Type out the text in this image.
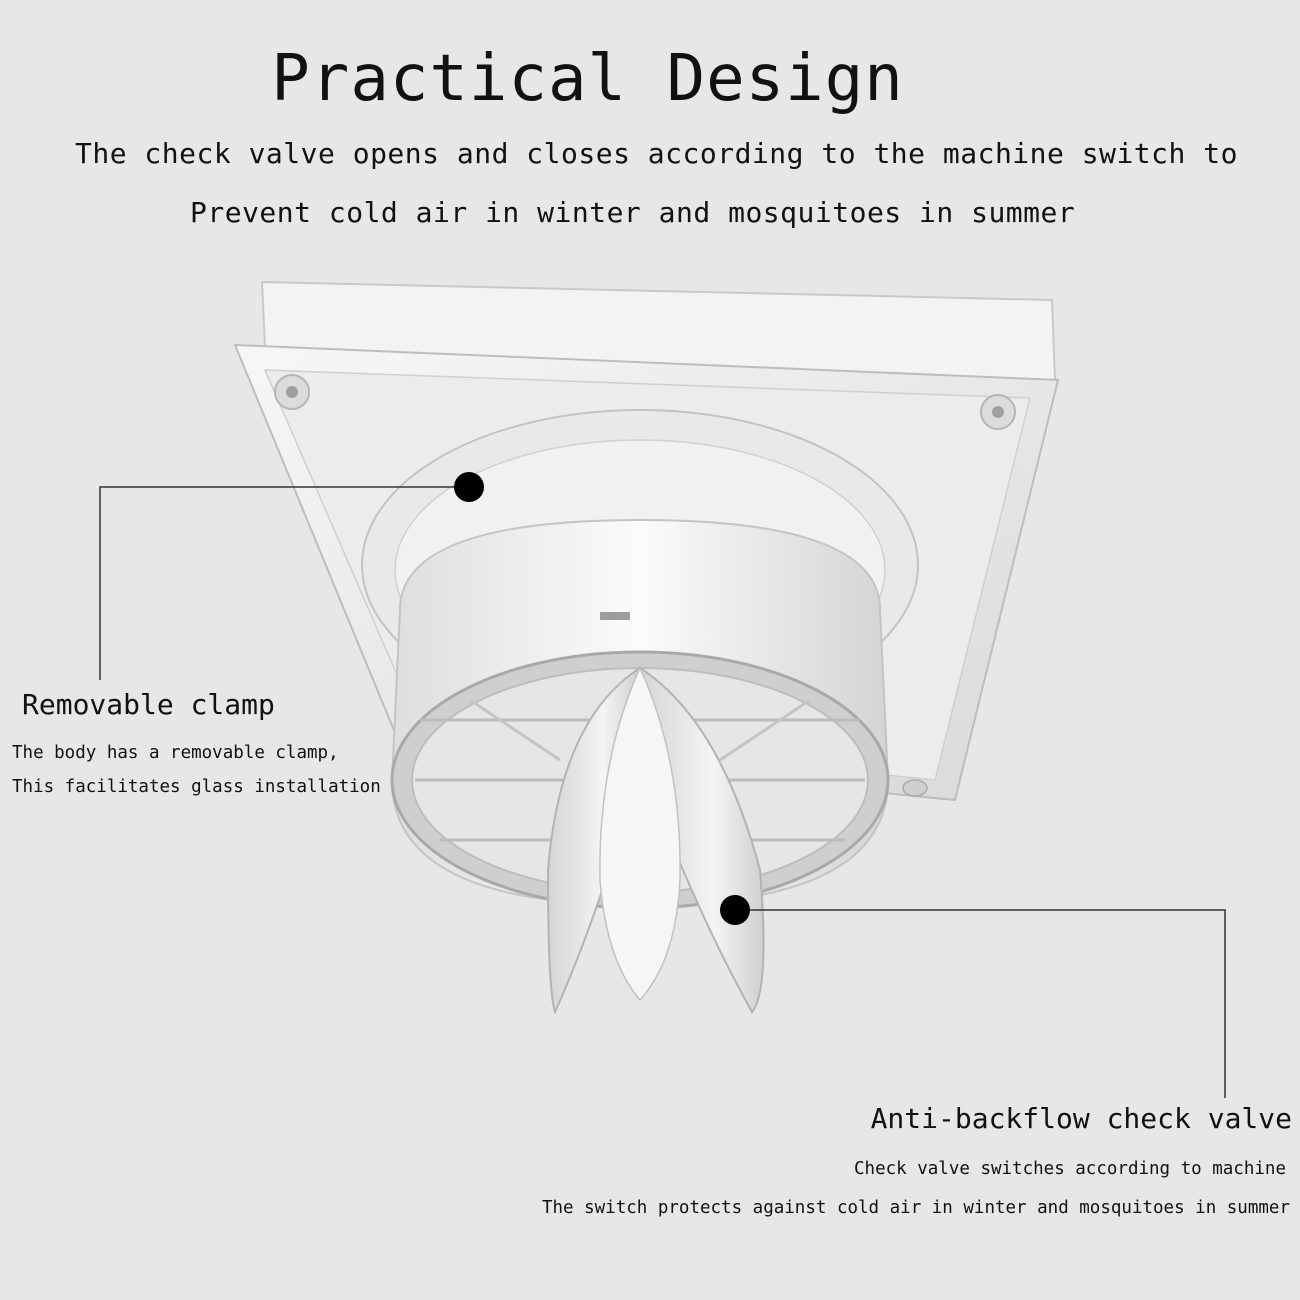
Practical Design

The check valve opens and closes according to the machine switch to

Prevent cold air in winter and mosquitoes in summer

Removable clamp

The body has a removable clamp,

This facilitates glass installation

Anti-backflow check valve

Check valve switches according to machine

The switch protects against cold air in winter and mosquitoes in summer
